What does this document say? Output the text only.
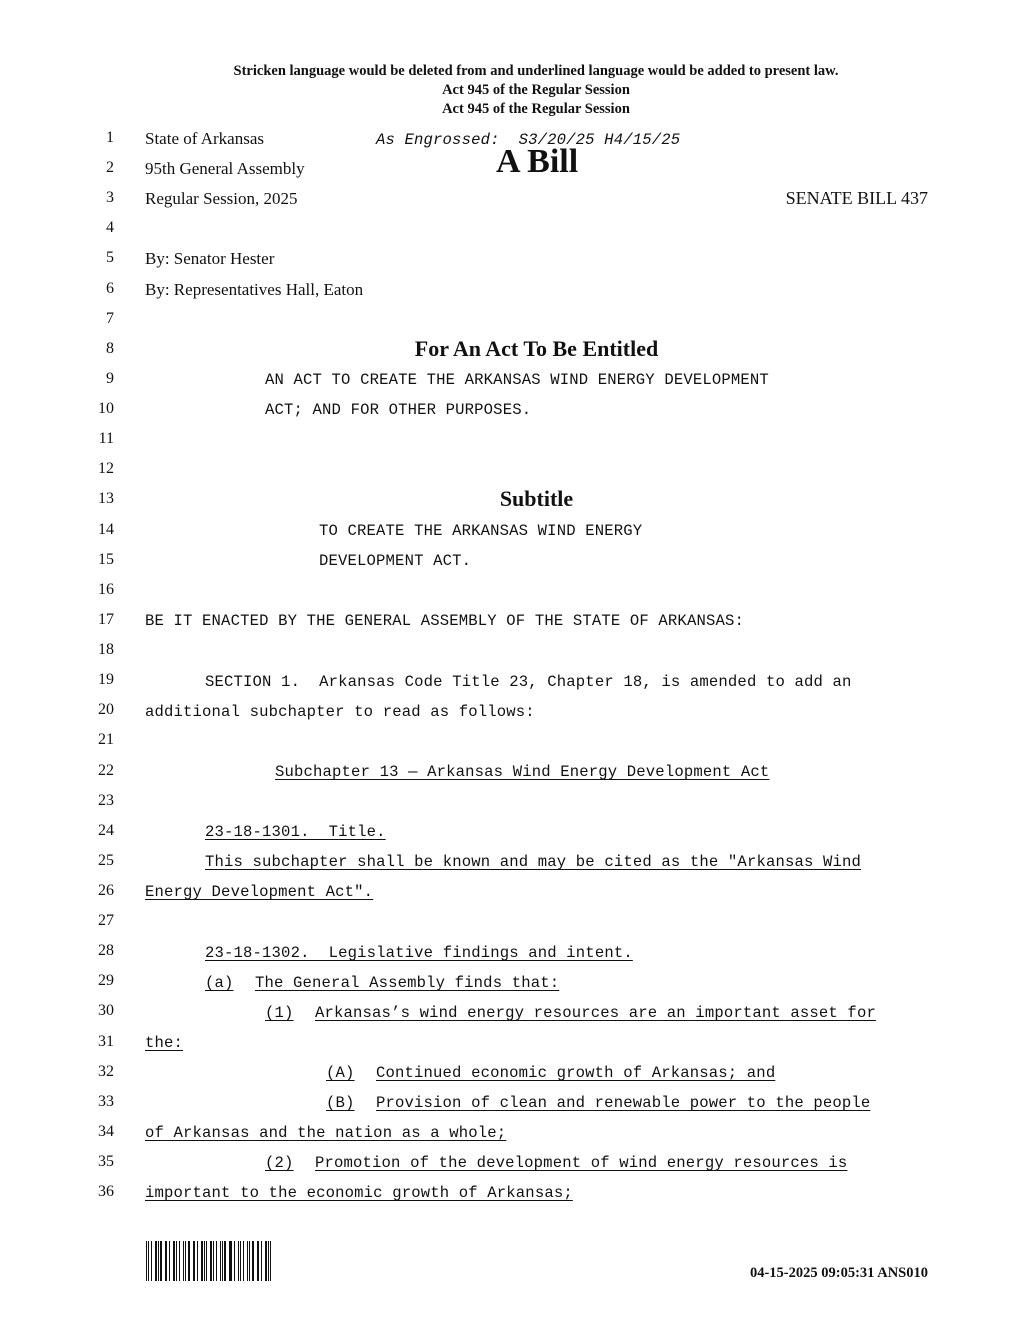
Stricken language would be deleted from and underlined language would be added to present law.
Act 945 of the Regular Session
Act 945 of the Regular Session
1
2
3
4
5
6
7
8
9
10
11
12
13
14
15
16
17
18
19
20
21
22
23
24
25
26
27
28
29
30
31
32
33
34
35
36
State of Arkansas	As Engrossed:  S3/20/25 H4/15/25
95th General Assembly	A Bill
Regular Session, 2025	SENATE BILL 437
By: Senator Hester
By: Representatives Hall, Eaton
For An Act To Be Entitled
AN ACT TO CREATE THE ARKANSAS WIND ENERGY DEVELOPMENT
ACT; AND FOR OTHER PURPOSES.
Subtitle
TO CREATE THE ARKANSAS WIND ENERGY
DEVELOPMENT ACT.
BE IT ENACTED BY THE GENERAL ASSEMBLY OF THE STATE OF ARKANSAS:
SECTION 1.  Arkansas Code Title 23, Chapter 18, is amended to add an
additional subchapter to read as follows:
Subchapter 13 — Arkansas Wind Energy Development Act
23-18-1301.  Title.
This subchapter shall be known and may be cited as the "Arkansas Wind
Energy Development Act".
23-18-1302.  Legislative findings and intent.
(a) The General Assembly finds that:
(1) Arkansas’s wind energy resources are an important asset for
the:
(A) Continued economic growth of Arkansas; and
(B) Provision of clean and renewable power to the people
of Arkansas and the nation as a whole;
(2) Promotion of the development of wind energy resources is
important to the economic growth of Arkansas;
04-15-2025 09:05:31 ANS010
